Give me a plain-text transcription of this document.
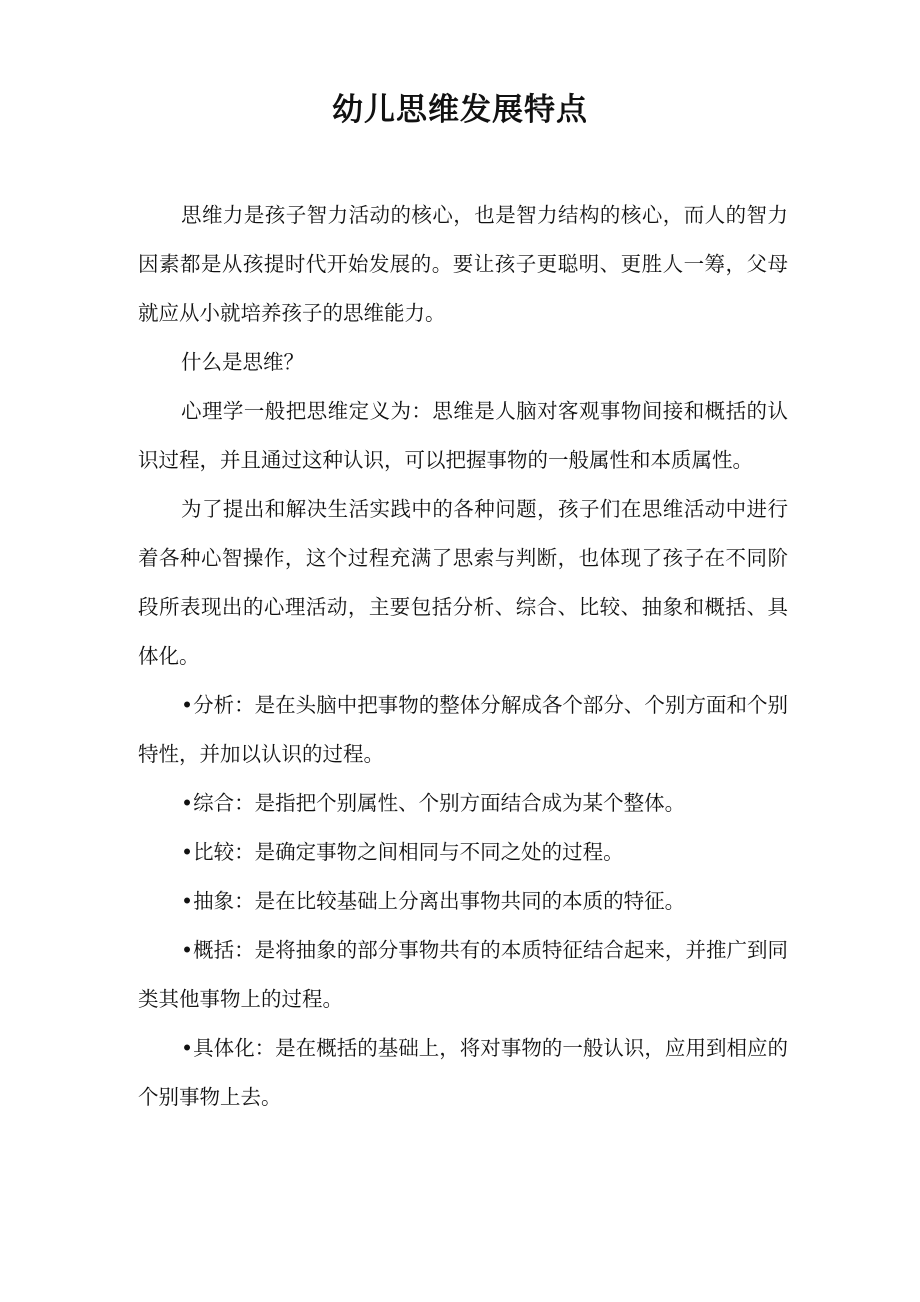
幼儿思维发展特点

思维力是孩子智力活动的核心，也是智力结构的核心，而人的智力因素都是从孩提时代开始发展的。要让孩子更聪明、更胜人一筹，父母就应从小就培养孩子的思维能力。

什么是思维？

心理学一般把思维定义为：思维是人脑对客观事物间接和概括的认识过程，并且通过这种认识，可以把握事物的一般属性和本质属性。

为了提出和解决生活实践中的各种问题，孩子们在思维活动中进行着各种心智操作，这个过程充满了思索与判断，也体现了孩子在不同阶段所表现出的心理活动，主要包括分析、综合、比较、抽象和概括、具体化。

•分析：是在头脑中把事物的整体分解成各个部分、个别方面和个别特性，并加以认识的过程。

•综合：是指把个别属性、个别方面结合成为某个整体。

•比较：是确定事物之间相同与不同之处的过程。

•抽象：是在比较基础上分离出事物共同的本质的特征。

•概括：是将抽象的部分事物共有的本质特征结合起来，并推广到同类其他事物上的过程。

•具体化：是在概括的基础上，将对事物的一般认识，应用到相应的个别事物上去。
